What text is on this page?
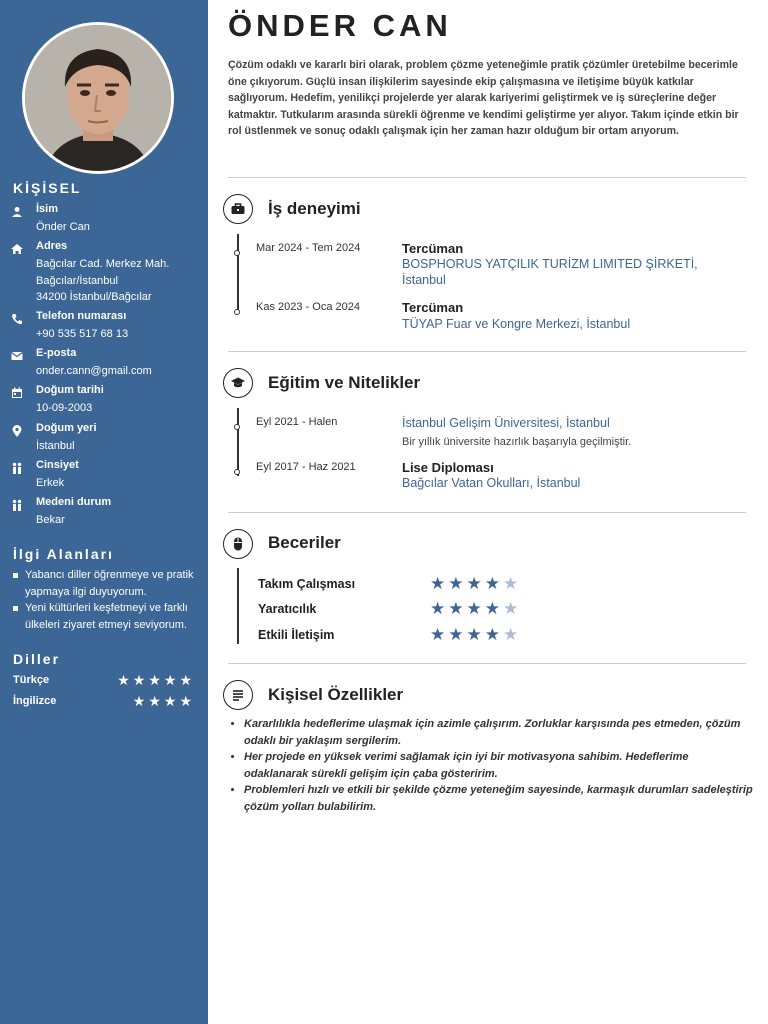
KİŞİSEL
İsim
Önder Can
Adres
Bağcılar Cad. Merkez Mah.
Bağcılar/İstanbul
34200 İstanbul/Bağcılar
Telefon numarası
+90 535 517 68 13
E-posta
onder.cann@gmail.com
Doğum tarihi
10-09-2003
Doğum yeri
İstanbul
Cinsiyet
Erkek
Medeni durum
Bekar
İlgi Alanları
Yabancı diller öğrenmeye ve pratik yapmaya ilgi duyuyorum.
Yeni kültürleri keşfetmeyi ve farklı ülkeleri ziyaret etmeyi seviyorum.
Diller
Türkçe	★★★★★
İngilizce	★★★★
ÖNDER CAN

Çözüm odaklı ve kararlı biri olarak, problem çözme yeteneğimle pratik çözümler üretebilme becerimle öne çıkıyorum. Güçlü insan ilişkilerim sayesinde ekip çalışmasına ve iletişime büyük katkılar sağlıyorum. Hedefim, yenilikçi projelerde yer alarak kariyerimi geliştirmek ve iş süreçlerine değer katmaktır. Tutkularım arasında sürekli öğrenme ve kendimi geliştirme yer alıyor. Takım içinde etkin bir rol üstlenmek ve sonuç odaklı çalışmak için her zaman hazır olduğum bir ortam arıyorum.

İş deneyimi
Mar 2024 - Tem 2024	Tercüman
BOSPHORUS YATÇILIK TURİZM LIMITED ŞİRKETİ, İstanbul
Kas 2023 - Oca 2024	Tercüman
TÜYAP Fuar ve Kongre Merkezi, İstanbul
Eğitim ve Nitelikler
Eyl 2021 - Halen	İstanbul Gelişim Üniversitesi, İstanbul
Bir yıllık üniversite hazırlık başarıyla geçilmiştir.
Eyl 2017 - Haz 2021	Lise Diploması
Bağcılar Vatan Okulları, İstanbul
Beceriler
Takım Çalışması	★★★★★
Yaratıcılık	★★★★★
Etkili İletişim	★★★★★
Kişisel Özellikler
• Kararlılıkla hedeflerime ulaşmak için azimle çalışırım. Zorluklar karşısında pes etmeden, çözüm odaklı bir yaklaşım sergilerim.
• Her projede en yüksek verimi sağlamak için iyi bir motivasyona sahibim. Hedeflerime odaklanarak sürekli gelişim için çaba gösteririm.
• Problemleri hızlı ve etkili bir şekilde çözme yeteneğim sayesinde, karmaşık durumları sadeleştirip çözüm yolları bulabilirim.
